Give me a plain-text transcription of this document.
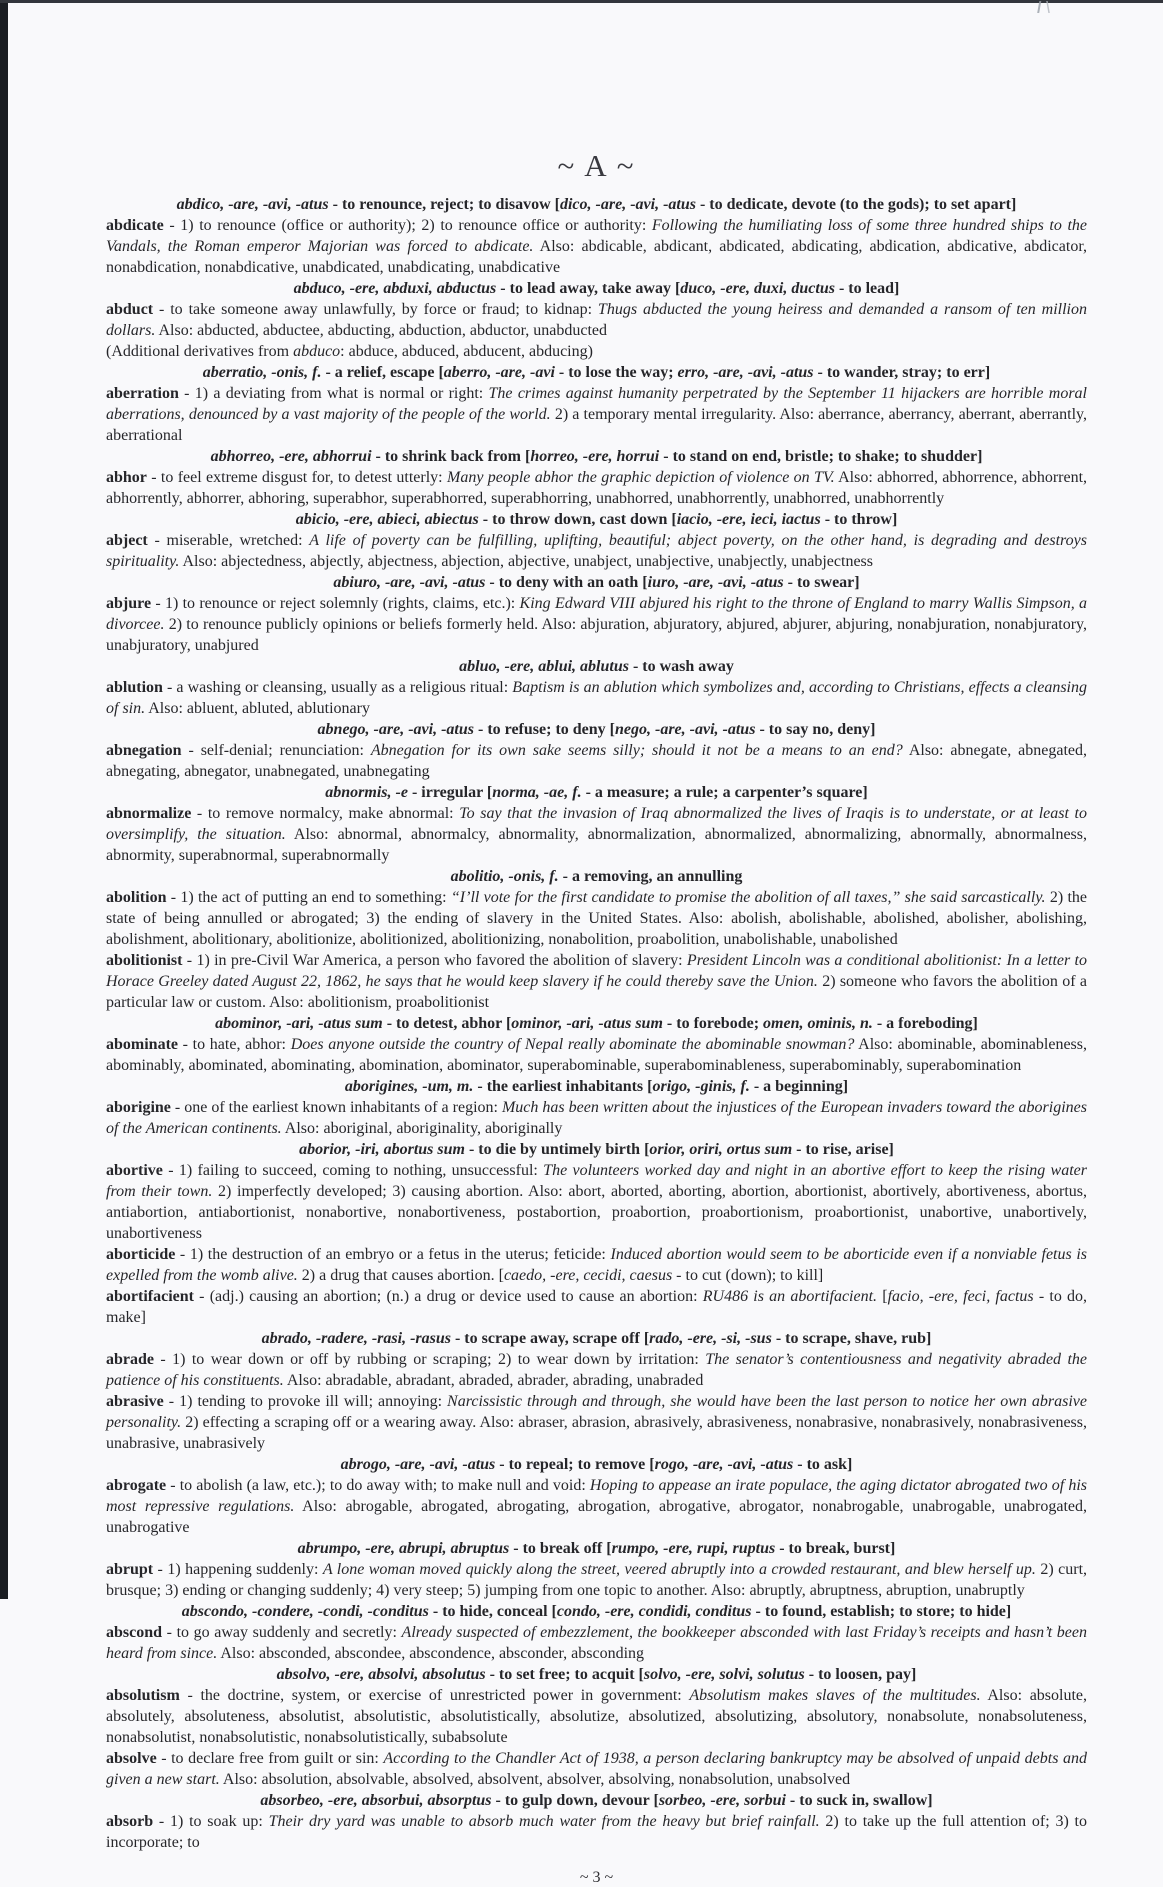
~ A ~
abdico, -are, -avi, -atus - to renounce, reject; to disavow [dico, -are, -avi, -atus - to dedicate, devote (to the gods); to set apart]

abdicate - 1) to renounce (office or authority); 2) to renounce office or authority: Following the humiliating loss of some three hundred ships to the Vandals, the Roman emperor Majorian was forced to abdicate. Also: abdicable, abdicant, abdicated, abdicating, abdication, abdicative, abdicator, nonabdication, nonabdicative, unabdicated, unabdicating, unabdicative

abduco, -ere, abduxi, abductus - to lead away, take away [duco, -ere, duxi, ductus - to lead]

abduct - to take someone away unlawfully, by force or fraud; to kidnap: Thugs abducted the young heiress and demanded a ransom of ten million dollars. Also: abducted, abductee, abducting, abduction, abductor, unabducted

(Additional derivatives from abduco: abduce, abduced, abducent, abducing)

aberratio, -onis, f. - a relief, escape [aberro, -are, -avi - to lose the way; erro, -are, -avi, -atus - to wander, stray; to err]

aberration - 1) a deviating from what is normal or right: The crimes against humanity perpetrated by the September 11 hijackers are horrible moral aberrations, denounced by a vast majority of the people of the world. 2) a temporary mental irregularity. Also: aberrance, aberrancy, aberrant, aberrantly, aberrational

abhorreo, -ere, abhorrui - to shrink back from [horreo, -ere, horrui - to stand on end, bristle; to shake; to shudder]

abhor - to feel extreme disgust for, to detest utterly: Many people abhor the graphic depiction of violence on TV. Also: abhorred, abhorrence, abhorrent, abhorrently, abhorrer, abhoring, superabhor, superabhorred, superabhorring, unabhorred, unabhorrently, unabhorred, unabhorrently

abicio, -ere, abieci, abiectus - to throw down, cast down [iacio, -ere, ieci, iactus - to throw]

abject - miserable, wretched: A life of poverty can be fulfilling, uplifting, beautiful; abject poverty, on the other hand, is degrading and destroys spirituality. Also: abjectedness, abjectly, abjectness, abjection, abjective, unabject, unabjective, unabjectly, unabjectness

abiuro, -are, -avi, -atus - to deny with an oath [iuro, -are, -avi, -atus - to swear]

abjure - 1) to renounce or reject solemnly (rights, claims, etc.): King Edward VIII abjured his right to the throne of England to marry Wallis Simpson, a divorcee. 2) to renounce publicly opinions or beliefs formerly held. Also: abjuration, abjuratory, abjured, abjurer, abjuring, nonabjuration, nonabjuratory, unabjuratory, unabjured

abluo, -ere, ablui, ablutus - to wash away

ablution - a washing or cleansing, usually as a religious ritual: Baptism is an ablution which symbolizes and, according to Christians, effects a cleansing of sin. Also: abluent, abluted, ablutionary

abnego, -are, -avi, -atus - to refuse; to deny [nego, -are, -avi, -atus - to say no, deny]

abnegation - self-denial; renunciation: Abnegation for its own sake seems silly; should it not be a means to an end? Also: abnegate, abnegated, abnegating, abnegator, unabnegated, unabnegating

abnormis, -e - irregular [norma, -ae, f. - a measure; a rule; a carpenter’s square]

abnormalize - to remove normalcy, make abnormal: To say that the invasion of Iraq abnormalized the lives of Iraqis is to understate, or at least to oversimplify, the situation. Also: abnormal, abnormalcy, abnormality, abnormalization, abnormalized, abnormalizing, abnormally, abnormalness, abnormity, superabnormal, superabnormally

abolitio, -onis, f. - a removing, an annulling

abolition - 1) the act of putting an end to something: “I’ll vote for the first candidate to promise the abolition of all taxes,” she said sarcastically. 2) the state of being annulled or abrogated; 3) the ending of slavery in the United States. Also: abolish, abolishable, abolished, abolisher, abolishing, abolishment, abolitionary, abolitionize, abolitionized, abolitionizing, nonabolition, proabolition, unabolishable, unabolished

abolitionist - 1) in pre-Civil War America, a person who favored the abolition of slavery: President Lincoln was a conditional abolitionist: In a letter to Horace Greeley dated August 22, 1862, he says that he would keep slavery if he could thereby save the Union. 2) someone who favors the abolition of a particular law or custom. Also: abolitionism, proabolitionist

abominor, -ari, -atus sum - to detest, abhor [ominor, -ari, -atus sum - to forebode; omen, ominis, n. - a foreboding]

abominate - to hate, abhor: Does anyone outside the country of Nepal really abominate the abominable snowman? Also: abominable, abominableness, abominably, abominated, abominating, abomination, abominator, superabominable, superabominableness, superabominably, superabomination

aborigines, -um, m. - the earliest inhabitants [origo, -ginis, f. - a beginning]

aborigine - one of the earliest known inhabitants of a region: Much has been written about the injustices of the European invaders toward the aborigines of the American continents. Also: aboriginal, aboriginality, aboriginally

aborior, -iri, abortus sum - to die by untimely birth [orior, oriri, ortus sum - to rise, arise]

abortive - 1) failing to succeed, coming to nothing, unsuccessful: The volunteers worked day and night in an abortive effort to keep the rising water from their town. 2) imperfectly developed; 3) causing abortion. Also: abort, aborted, aborting, abortion, abortionist, abortively, abortiveness, abortus, antiabortion, antiabortionist, nonabortive, nonabortiveness, postabortion, proabortion, proabortionism, proabortionist, unabortive, unabortively, unabortiveness

aborticide - 1) the destruction of an embryo or a fetus in the uterus; feticide: Induced abortion would seem to be aborticide even if a nonviable fetus is expelled from the womb alive. 2) a drug that causes abortion. [caedo, -ere, cecidi, caesus - to cut (down); to kill]

abortifacient - (adj.) causing an abortion; (n.) a drug or device used to cause an abortion: RU486 is an abortifacient. [facio, -ere, feci, factus - to do, make]

abrado, -radere, -rasi, -rasus - to scrape away, scrape off [rado, -ere, -si, -sus - to scrape, shave, rub]

abrade - 1) to wear down or off by rubbing or scraping; 2) to wear down by irritation: The senator’s contentiousness and negativity abraded the patience of his constituents. Also: abradable, abradant, abraded, abrader, abrading, unabraded

abrasive - 1) tending to provoke ill will; annoying: Narcissistic through and through, she would have been the last person to notice her own abrasive personality. 2) effecting a scraping off or a wearing away. Also: abraser, abrasion, abrasively, abrasiveness, nonabrasive, nonabrasively, nonabrasiveness, unabrasive, unabrasively

abrogo, -are, -avi, -atus - to repeal; to remove [rogo, -are, -avi, -atus - to ask]

abrogate - to abolish (a law, etc.); to do away with; to make null and void: Hoping to appease an irate populace, the aging dictator abrogated two of his most repressive regulations. Also: abrogable, abrogated, abrogating, abrogation, abrogative, abrogator, nonabrogable, unabrogable, unabrogated, unabrogative

abrumpo, -ere, abrupi, abruptus - to break off [rumpo, -ere, rupi, ruptus - to break, burst]

abrupt - 1) happening suddenly: A lone woman moved quickly along the street, veered abruptly into a crowded restaurant, and blew herself up. 2) curt, brusque; 3) ending or changing suddenly; 4) very steep; 5) jumping from one topic to another. Also: abruptly, abruptness, abruption, unabruptly

abscondo, -condere, -condi, -conditus - to hide, conceal [condo, -ere, condidi, conditus - to found, establish; to store; to hide]

abscond - to go away suddenly and secretly: Already suspected of embezzlement, the bookkeeper absconded with last Friday’s receipts and hasn’t been heard from since. Also: absconded, abscondee, abscondence, absconder, absconding

absolvo, -ere, absolvi, absolutus - to set free; to acquit [solvo, -ere, solvi, solutus - to loosen, pay]

absolutism - the doctrine, system, or exercise of unrestricted power in government: Absolutism makes slaves of the multitudes. Also: absolute, absolutely, absoluteness, absolutist, absolutistic, absolutistically, absolutize, absolutized, absolutizing, absolutory, nonabsolute, nonabsoluteness, nonabsolutist, nonabsolutistic, nonabsolutistically, subabsolute

absolve - to declare free from guilt or sin: According to the Chandler Act of 1938, a person declaring bankruptcy may be absolved of unpaid debts and given a new start. Also: absolution, absolvable, absolved, absolvent, absolver, absolving, nonabsolution, unabsolved

absorbeo, -ere, absorbui, absorptus - to gulp down, devour [sorbeo, -ere, sorbui - to suck in, swallow]

absorb - 1) to soak up: Their dry yard was unable to absorb much water from the heavy but brief rainfall. 2) to take up the full attention of; 3) to incorporate; to

~ 3 ~
